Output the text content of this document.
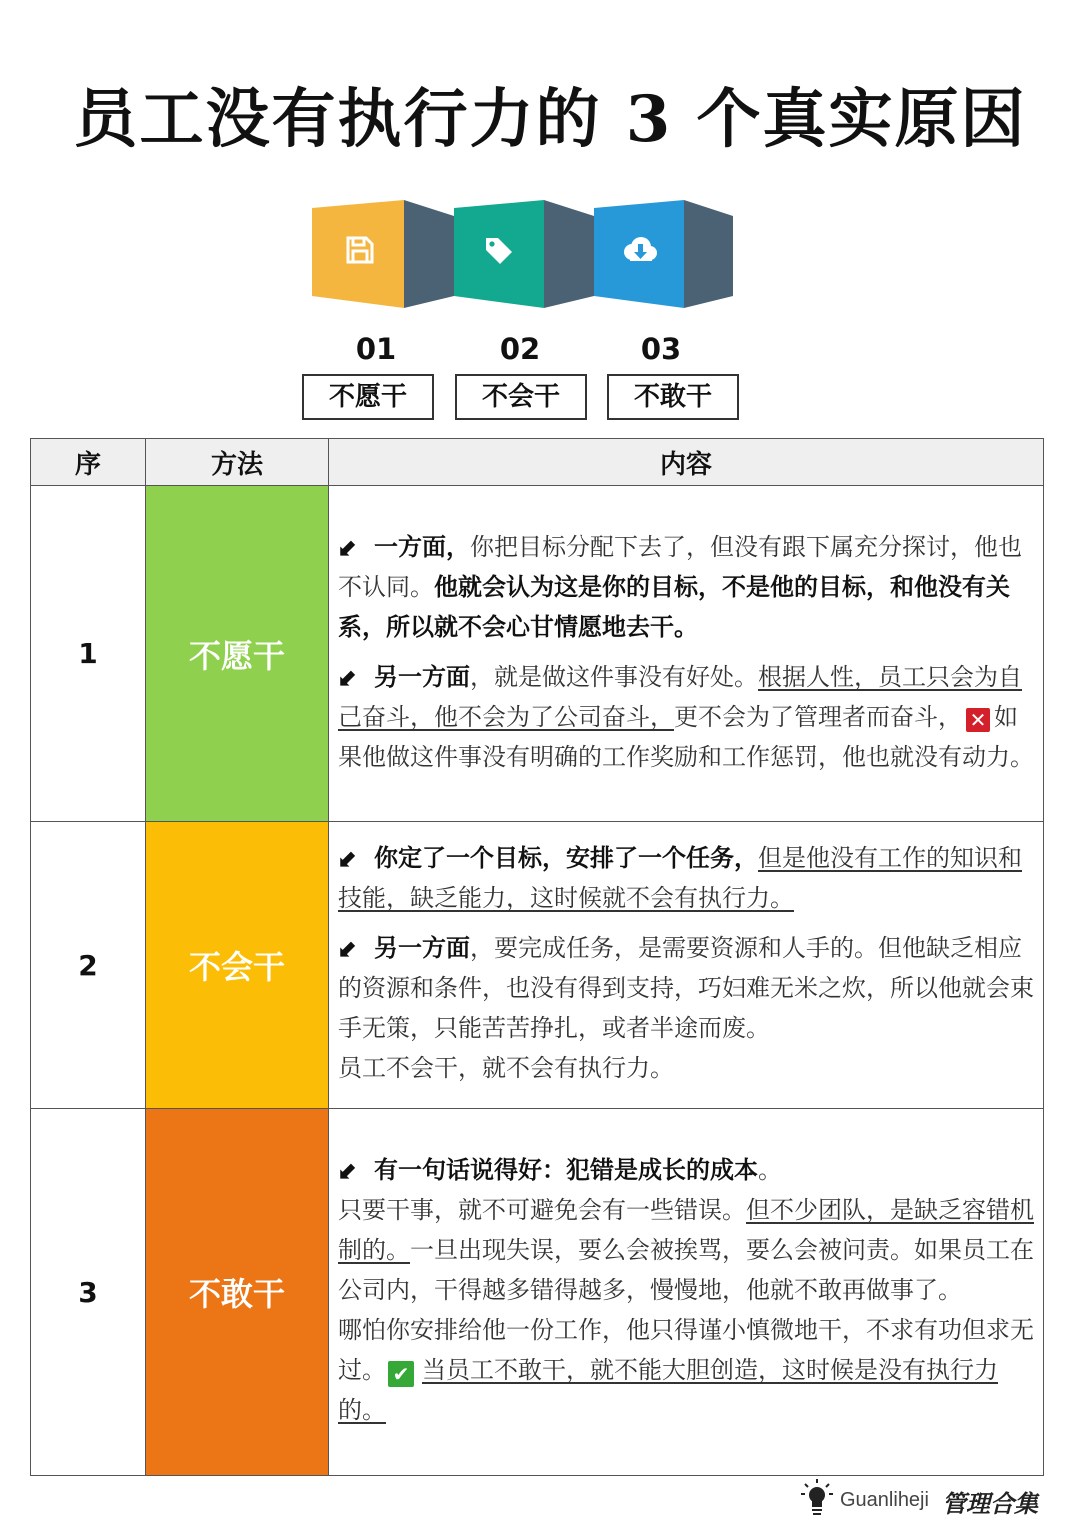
员工没有执行力的 3 个真实原因
01	02	03
不愿干	不会干	不敢干
序	方法	内容
1	不愿干	⬋ 一方面，你把目标分配下去了，但没有跟下属充分探讨，他也不认同。他就会认为这是你的目标，不是他的目标，和他没有关系，所以就不会心甘情愿地去干。

⬋ 另一方面，就是做这件事没有好处。根据人性，员工只会为自己奋斗，他不会为了公司奋斗，更不会为了管理者而奋斗， ✕ 如果他做这件事没有明确的工作奖励和工作惩罚，他也就没有动力。

2	不会干	⬋ 你定了一个目标，安排了一个任务，但是他没有工作的知识和技能，缺乏能力，这时候就不会有执行力。

⬋ 另一方面，要完成任务，是需要资源和人手的。但他缺乏相应的资源和条件，也没有得到支持，巧妇难无米之炊，所以他就会束手无策，只能苦苦挣扎，或者半途而废。
员工不会干，就不会有执行力。

3	不敢干	⬋ 有一句话说得好：犯错是成长的成本。
只要干事，就不可避免会有一些错误。但不少团队，是缺乏容错机制的。一旦出现失误，要么会被挨骂，要么会被问责。如果员工在公司内，干得越多错得越多，慢慢地，他就不敢再做事了。
哪怕你安排给他一份工作，他只得谨小慎微地干，不求有功但求无过。 ✔ 当员工不敢干，就不能大胆创造，这时候是没有执行力的。

Guanliheji 管理合集
